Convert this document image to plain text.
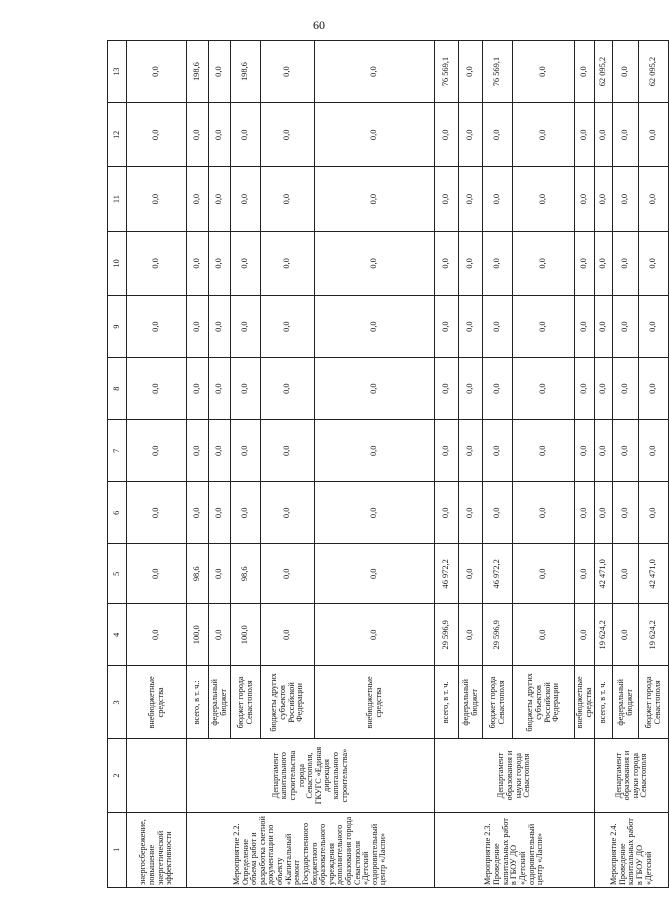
60
1	2	3	4	5	6	7	8	9	10	11	12	13
энергосбережение, повышение энергетической эффективности		внебюджетные средства	0,0	0,0	0,0	0,0	0,0	0,0	0,0	0,0	0,0	0,0
Мероприятие 2.2. Определение объема работ и разработка сметной документации по объекту «Капитальный ремонт Государственного бюджетного образовательного учреждения дополнительного образования города Севастополя «Детский оздоровительный центр «Ласпи»	Департамент капитального строительства города Севастополя, ГКУГС «Единая дирекция капитального строительства»	всего, в т. ч.:	100,0	98,6	0,0	0,0	0,0	0,0	0,0	0,0	0,0	198,6
		федеральный бюджет	0,0	0,0	0,0	0,0	0,0	0,0	0,0	0,0	0,0	0,0
		бюджет города Севастополя	100,0	98,6	0,0	0,0	0,0	0,0	0,0	0,0	0,0	198,6
		бюджеты других субъектов Российской Федерации	0,0	0,0	0,0	0,0	0,0	0,0	0,0	0,0	0,0	0,0
		внебюджетные средства	0,0	0,0	0,0	0,0	0,0	0,0	0,0	0,0	0,0	0,0
Мероприятие 2.3. Проведение капитальных работ в ГБОУ ДО «Детский оздоровительный центр «Ласпи»	Департамент образования и науки города Севастополя	всего, в т. ч.	29 596,9	46 972,2	0,0	0,0	0,0	0,0	0,0	0,0	0,0	76 569,1
		федеральный бюджет	0,0	0,0	0,0	0,0	0,0	0,0	0,0	0,0	0,0	0,0
		бюджет города Севастополя	29 596,9	46 972,2	0,0	0,0	0,0	0,0	0,0	0,0	0,0	76 569,1
		бюджеты других субъектов Российской Федерации	0,0	0,0	0,0	0,0	0,0	0,0	0,0	0,0	0,0	0,0
		внебюджетные средства	0,0	0,0	0,0	0,0	0,0	0,0	0,0	0,0	0,0	0,0
Мероприятие 2.4. Проведение капитальных работ в ГБОУ ДО «Детский	Департамент образования и науки города Севастополя	всего, в т. ч.	19 624,2	42 471,0	0,0	0,0	0,0	0,0	0,0	0,0	0,0	62 095,2
		федеральный бюджет	0,0	0,0	0,0	0,0	0,0	0,0	0,0	0,0	0,0	0,0
		бюджет города Севастополя	19 624,2	42 471,0	0,0	0,0	0,0	0,0	0,0	0,0	0,0	62 095,2
